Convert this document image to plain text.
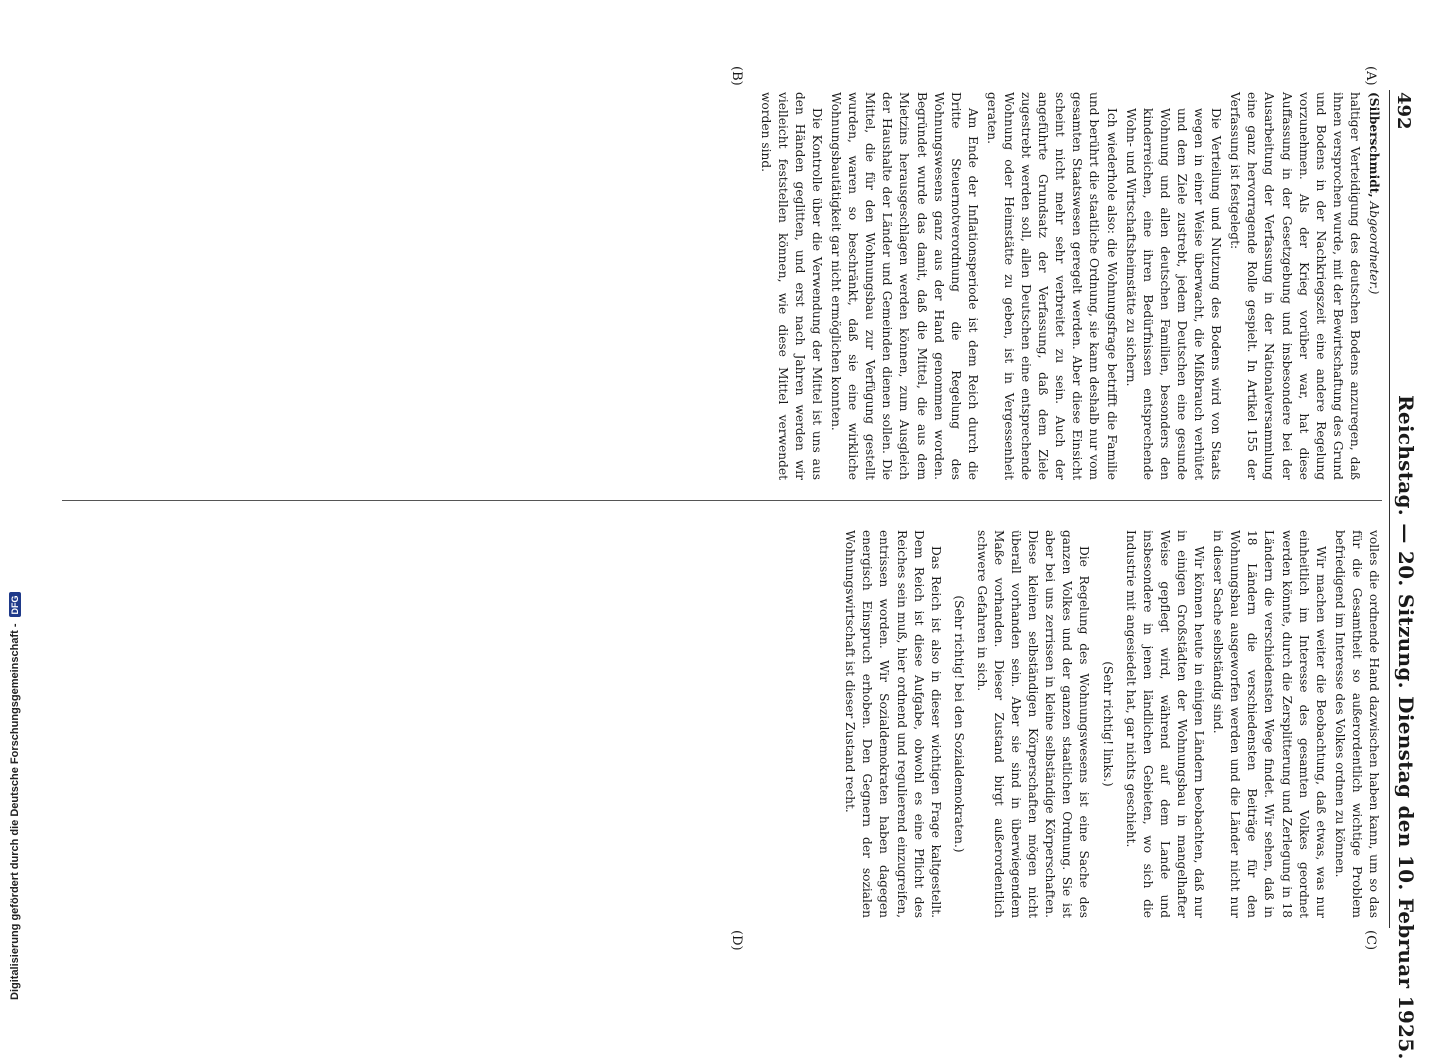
492
Reichstag. — 20. Sitzung. Dienstag den 10. Februar 1925.
(A)
(B)
(C)
(D)

(Silberschmidt, Abgeordneter.)

haltiger Verteidigung des deutschen Bodens anzuregen, daß ihnen versprochen wurde, mit der Bewirtschaftung des Grund und Bodens in der Nachkriegszeit eine andere Regelung vorzunehmen. Als der Krieg vorüber war, hat diese Auffassung in der Gesetzgebung und insbesondere bei der Ausarbeitung der Verfassung in der Nationalversammlung eine ganz hervorragende Rolle gespielt. In Artikel 155 der Verfassung ist festgelegt:

Die Verteilung und Nutzung des Bodens wird von Staats wegen in einer Weise überwacht, die Mißbrauch verhütet und dem Ziele zustrebt, jedem Deutschen eine gesunde Wohnung und allen deutschen Familien, besonders den kinderreichen, eine ihren Bedürfnissen entsprechende Wohn- und Wirtschaftsheimstätte zu sichern.

Ich wiederhole also: die Wohnungsfrage betrifft die Familie und berührt die staatliche Ordnung, sie kann deshalb nur vom gesamten Staatswesen geregelt werden. Aber diese Einsicht scheint nicht mehr sehr verbreitet zu sein. Auch der angeführte Grundsatz der Verfassung, daß dem Ziele zugestrebt werden soll, allen Deutschen eine entsprechende Wohnung oder Heimstätte zu geben, ist in Vergessenheit geraten.

Am Ende der Inflationsperiode ist dem Reich durch die Dritte Steuernotverordnung die Regelung des Wohnungswesens ganz aus der Hand genommen worden. Begründet wurde das damit, daß die Mittel, die aus dem Mietzins herausgeschlagen werden können, zum Ausgleich der Haushalte der Länder und Gemeinden dienen sollen. Die Mittel, die für den Wohnungsbau zur Verfügung gestellt wurden, waren so beschränkt, daß sie eine wirkliche Wohnungsbautätigkeit gar nicht ermöglichen konnten.

Die Kontrolle über die Verwendung der Mittel ist uns aus den Händen geglitten, und erst nach Jahren werden wir vielleicht feststellen können, wie diese Mittel verwendet worden sind.

volles die ordnende Hand dazwischen haben kann, um so das für die Gesamtheit so außerordentlich wichtige Problem befriedigend im Interesse des Volkes ordnen zu können.

Wir machen weiter die Beobachtung, daß etwas, was nur einheitlich im Interesse des gesamten Volkes geordnet werden könnte, durch die Zersplitterung und Zerlegung in 18 Ländern die verschiedensten Wege findet. Wir sehen, daß in 18 Ländern die verschiedensten Beiträge für den Wohnungsbau ausgeworfen werden und die Länder nicht nur in dieser Sache selbständig sind.

Wir können heute in einigen Ländern beobachten, daß nur in einigen Großstädten der Wohnungsbau in mangelhafter Weise gepflegt wird, während auf dem Lande und insbesondere in jenen ländlichen Gebieten, wo sich die Industrie mit angesiedelt hat, gar nichts geschieht.

(Sehr richtig! links.)

Die Regelung des Wohnungswesens ist eine Sache des ganzen Volkes und der ganzen staatlichen Ordnung. Sie ist aber bei uns zerrissen in kleine selbständige Körperschaften. Diese kleinen selbständigen Körperschaften mögen nicht überall vorhanden sein. Aber sie sind in überwiegendem Maße vorhanden. Dieser Zustand birgt außerordentlich schwere Gefahren in sich.

(Sehr richtig! bei den Sozialdemokraten.)

Das Reich ist also in dieser wichtigen Frage kaltgestellt. Dem Reich ist diese Aufgabe, obwohl es eine Pflicht des Reiches sein muß, hier ordnend und regulierend einzugreifen, entrissen worden. Wir Sozialdemokraten haben dagegen energisch Einspruch erhoben. Den Gegnern der sozialen Wohnungswirtschaft ist dieser Zustand recht.

Digitalisierung gefördert durch die Deutsche Forschungsgemeinschaft -
DFG
